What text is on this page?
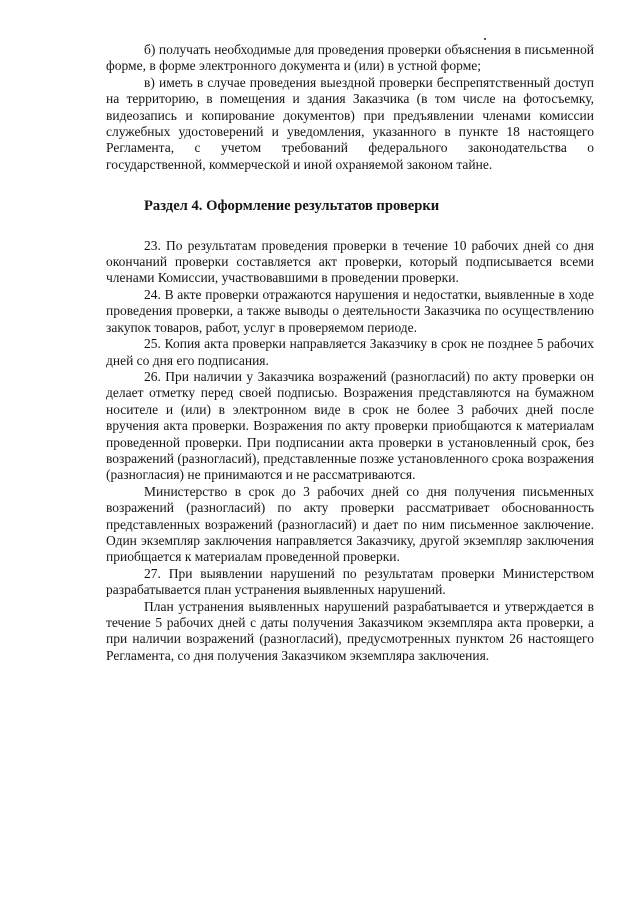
б) получать необходимые для проведения проверки объяснения в письменной форме, в форме электронного документа и (или) в устной форме;

в) иметь в случае проведения выездной проверки беспрепятственный доступ на территорию, в помещения и здания Заказчика (в том числе на фотосъемку, видеозапись и копирование документов) при предъявлении членами комиссии служебных удостоверений и уведомления, указанного в пункте 18 настоящего Регламента, с учетом требований федерального законодательства о государственной, коммерческой и иной охраняемой законом тайне.

Раздел 4. Оформление результатов проверки

23. По результатам проведения проверки в течение 10 рабочих дней со дня окончаний проверки составляется акт проверки, который подписывается всеми членами Комиссии, участвовавшими в проведении проверки.

24. В акте проверки отражаются нарушения и недостатки, выявленные в ходе проведения проверки, а также выводы о деятельности Заказчика по осуществлению закупок товаров, работ, услуг в проверяемом периоде.

25. Копия акта проверки направляется Заказчику в срок не позднее 5 рабочих дней со дня его подписания.

26. При наличии у Заказчика возражений (разногласий) по акту проверки он делает отметку перед своей подписью. Возражения представляются на бумажном носителе и (или) в электронном виде в срок не более 3 рабочих дней после вручения акта проверки. Возражения по акту проверки приобщаются к материалам проведенной проверки. При подписании акта проверки в установленный срок, без возражений (разногласий), представленные позже установленного срока возражения (разногласия) не принимаются и не рассматриваются.

Министерство в срок до 3 рабочих дней со дня получения письменных возражений (разногласий) по акту проверки рассматривает обоснованность представленных возражений (разногласий) и дает по ним письменное заключение. Один экземпляр заключения направляется Заказчику, другой экземпляр заключения приобщается к материалам проведенной проверки.

27. При выявлении нарушений по результатам проверки Министерством разрабатывается план устранения выявленных нарушений.

План устранения выявленных нарушений разрабатывается и утверждается в течение 5 рабочих дней с даты получения Заказчиком экземпляра акта проверки, а при наличии возражений (разногласий), предусмотренных пунктом 26 настоящего Регламента, со дня получения Заказчиком экземпляра заключения.
